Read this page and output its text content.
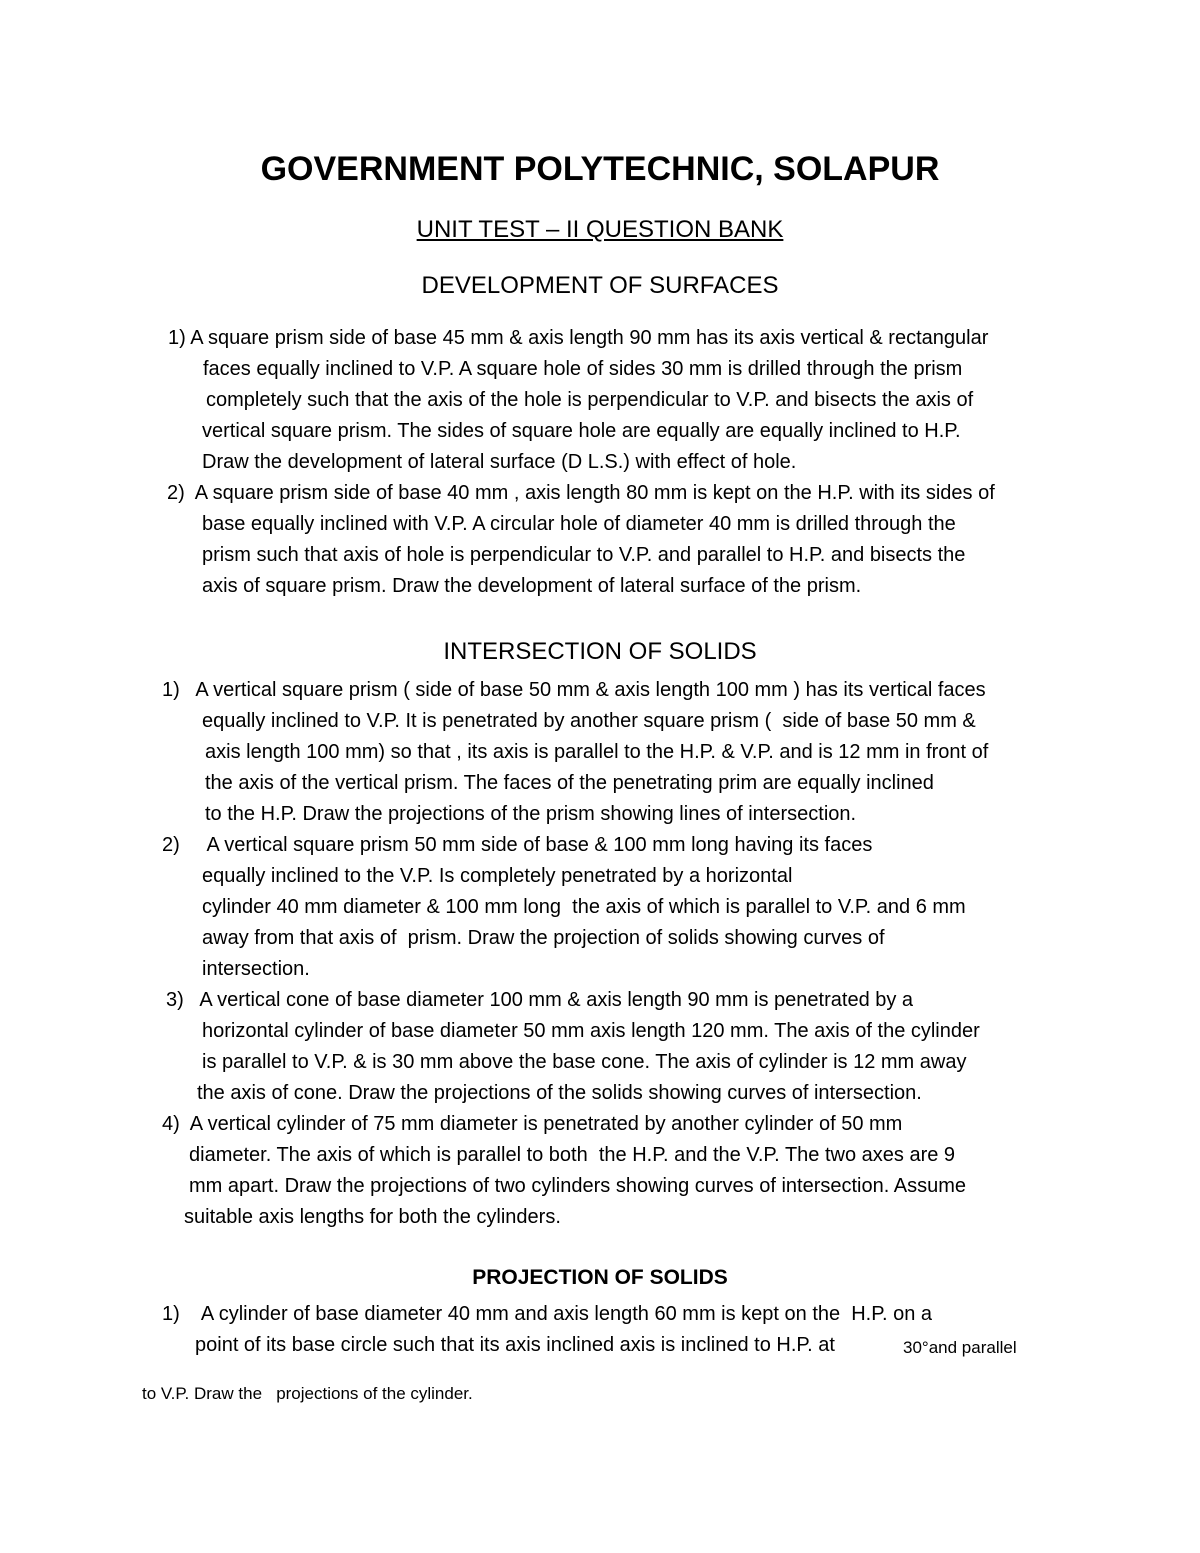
GOVERNMENT POLYTECHNIC, SOLAPUR
UNIT TEST – II QUESTION BANK
DEVELOPMENT OF SURFACES
1) A square prism side of base 45 mm & axis length 90 mm has its axis vertical & rectangular
faces equally inclined to V.P. A square hole of sides 30 mm is drilled through the prism
completely such that the axis of the hole is perpendicular to V.P. and bisects the axis of
vertical square prism. The sides of square hole are equally are equally inclined to H.P.
Draw the development of lateral surface (D L.S.) with effect of hole.
2)  A square prism side of base 40 mm , axis length 80 mm is kept on the H.P. with its sides of
base equally inclined with V.P. A circular hole of diameter 40 mm is drilled through the
prism such that axis of hole is perpendicular to V.P. and parallel to H.P. and bisects the
axis of square prism. Draw the development of lateral surface of the prism.
INTERSECTION OF SOLIDS
1)   A vertical square prism ( side of base 50 mm & axis length 100 mm ) has its vertical faces
equally inclined to V.P. It is penetrated by another square prism (  side of base 50 mm &
axis length 100 mm) so that , its axis is parallel to the H.P. & V.P. and is 12 mm in front of
the axis of the vertical prism. The faces of the penetrating prim are equally inclined
to the H.P. Draw the projections of the prism showing lines of intersection.
2)     A vertical square prism 50 mm side of base & 100 mm long having its faces
equally inclined to the V.P. Is completely penetrated by a horizontal
cylinder 40 mm diameter & 100 mm long  the axis of which is parallel to V.P. and 6 mm
away from that axis of  prism. Draw the projection of solids showing curves of
intersection.
3)   A vertical cone of base diameter 100 mm & axis length 90 mm is penetrated by a
horizontal cylinder of base diameter 50 mm axis length 120 mm. The axis of the cylinder
is parallel to V.P. & is 30 mm above the base cone. The axis of cylinder is 12 mm away
the axis of cone. Draw the projections of the solids showing curves of intersection.
4)  A vertical cylinder of 75 mm diameter is penetrated by another cylinder of 50 mm
diameter. The axis of which is parallel to both  the H.P. and the V.P. The two axes are 9
mm apart. Draw the projections of two cylinders showing curves of intersection. Assume
suitable axis lengths for both the cylinders.
PROJECTION OF SOLIDS
1)    A cylinder of base diameter 40 mm and axis length 60 mm is kept on the  H.P. on a
point of its base circle such that its axis inclined axis is inclined to H.P. at	30°and parallel
to V.P. Draw the   projections of the cylinder.
